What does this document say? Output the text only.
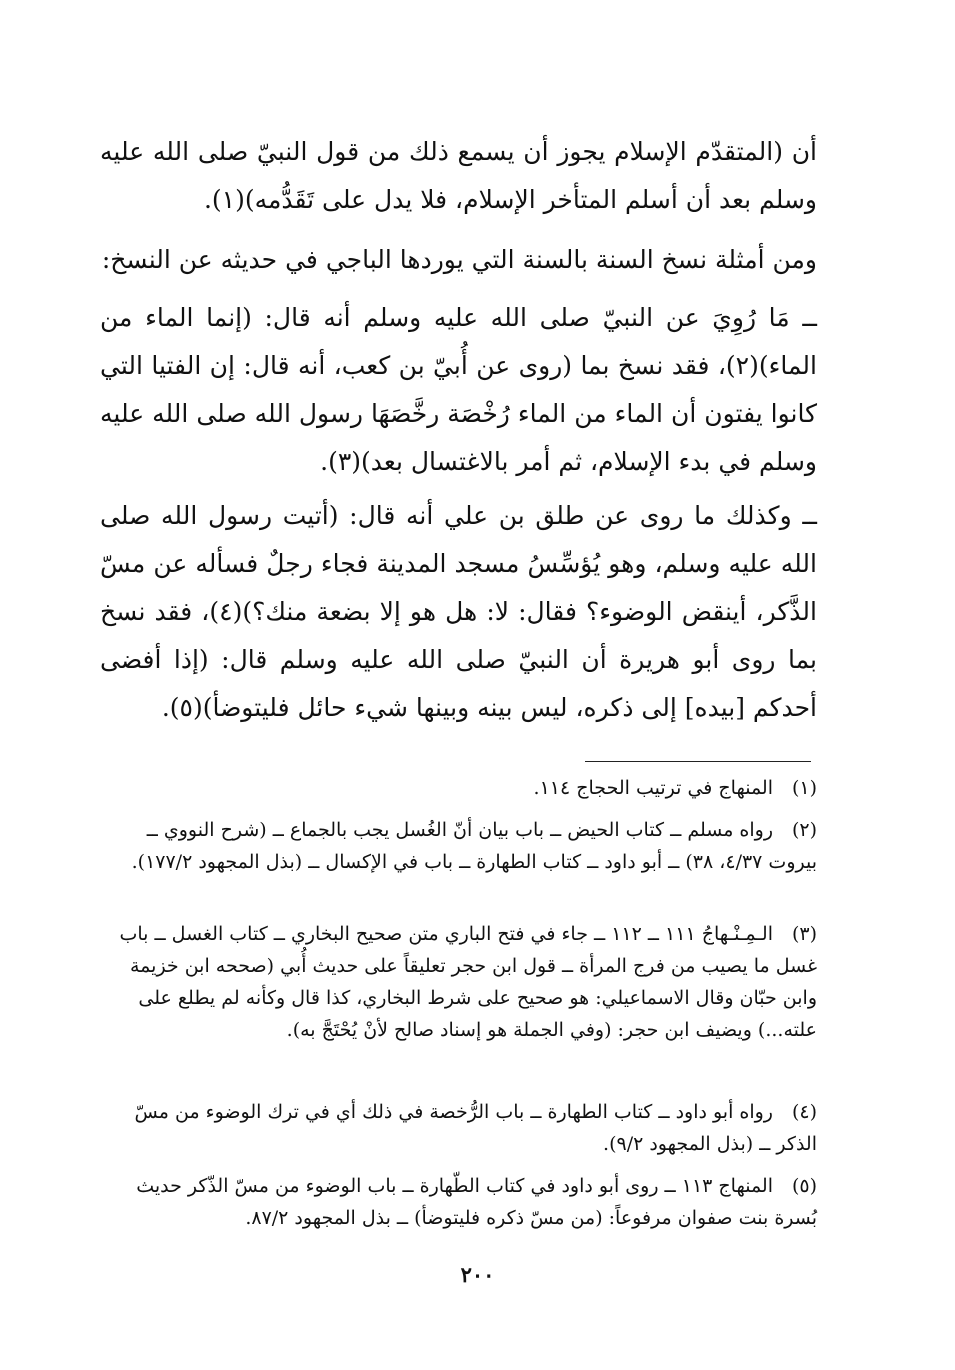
أن (المتقدّم الإسلام يجوز أن يسمع ذلك من قول النبيّ صلى الله عليه وسلم بعد أن أسلم المتأخر الإسلام، فلا يدل على تَقَدُّمه)(١).

ومن أمثلة نسخ السنة بالسنة التي يوردها الباجي في حديثه عن النسخ:

ــ مَا رُوِيَ عن النبيّ صلى الله عليه وسلم أنه قال: (إنما الماء من الماء)(٢)، فقد نسخ بما (روى عن أُبيّ بن كعب، أنه قال: إن الفتيا التي كانوا يفتون أن الماء من الماء رُخْصَة رخَّصَهَا رسول الله صلى الله عليه وسلم في بدء الإسلام، ثم أمر بالاغتسال بعد)(٣).

ــ وكذلك ما روى عن طلق بن علي أنه قال: (أتيت رسول الله صلى الله عليه وسلم، وهو يُؤسِّسُ مسجد المدينة فجاء رجلٌ فسأله عن مسّ الذَّكر، أينقض الوضوء؟ فقال: لا: هل هو إلا بضعة منك؟)(٤)، فقد نسخ بما روى أبو هريرة أن النبيّ صلى الله عليه وسلم قال: (إذا أفضى أحدكم [بيده] إلى ذكره، ليس بينه وبينها شيء حائل فليتوضأ)(٥).

(١)المنهاج في ترتيب الحجاج ١١٤.
(٢)رواه مسلم ــ كتاب الحيض ــ باب بيان أنّ الغُسل يجب بالجماع ــ (شرح النووي ــ بيروت ٤/٣٧، ٣٨) ــ أبو داود ــ كتاب الطهارة ــ باب في الإكسال ــ (بذل المجهود ١٧٧/٢).
(٣)الـمِـنْـهاجُ ١١١ ــ ١١٢ ــ جاء في فتح الباري متن صحيح البخاري ــ كتاب الغسل ــ باب غسل ما يصيب من فرج المرأة ــ قول ابن حجر تعليقاً على حديث أُبي (صححه ابن خزيمة وابن حبّان وقال الاسماعيلي: هو صحيح على شرط البخاري، كذا قال وكأنه لم يطلع على علته...) ويضيف ابن حجر: (وفي الجملة هو إسناد صالح لأنْ يُحْتَجَّ به).
(٤)رواه أبو داود ــ كتاب الطهارة ــ باب الرُّخصة في ذلك أي في ترك الوضوء من مسّ الذكر ــ (بذل المجهود ٩/٢).
(٥)المنهاج ١١٣ ــ روى أبو داود في كتاب الطّهارة ــ باب الوضوء من مسّ الذّكر حديث بُسرة بنت صفوان مرفوعاً: (من مسّ ذكره فليتوضأ) ــ بذل المجهود ٨٧/٢.
٢٠٠
